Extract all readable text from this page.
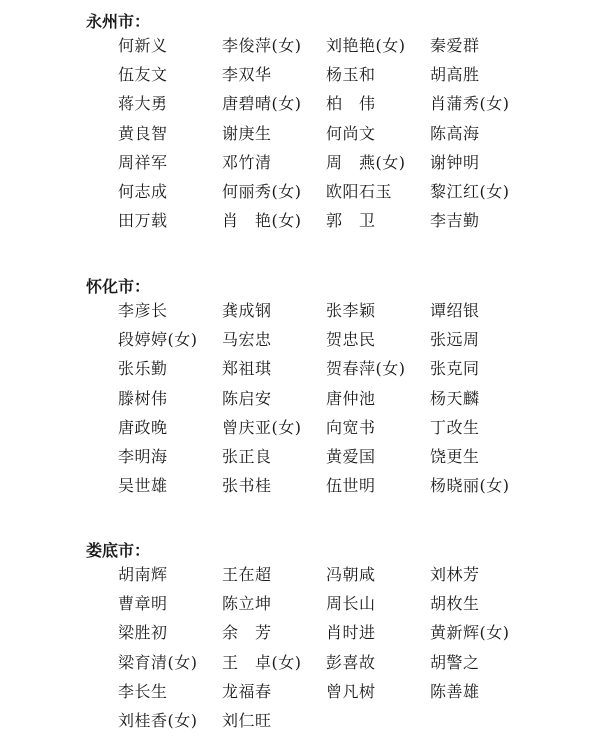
永州市：
何新义	李俊萍(女)	刘艳艳(女)	秦爱群
伍友文	李双华	杨玉和	胡高胜
蒋大勇	唐碧晴(女)	柏　伟	肖蒲秀(女)
黄良智	谢庚生	何尚文	陈高海
周祥军	邓竹清	周　燕(女)	谢钟明
何志成	何丽秀(女)	欧阳石玉	黎江红(女)
田万载	肖　艳(女)	郭　卫	李吉勤
怀化市：
李彦长	龚成钢	张李颖	谭绍银
段婷婷(女)	马宏忠	贺忠民	张远周
张乐勤	郑祖琪	贺春萍(女)	张克同
滕树伟	陈启安	唐仲池	杨天麟
唐政晚	曾庆亚(女)	向宽书	丁改生
李明海	张正良	黄爱国	饶更生
吴世雄	张书桂	伍世明	杨晓丽(女)
娄底市：
胡南辉	王在超	冯朝咸	刘林芳
曹章明	陈立坤	周长山	胡枚生
梁胜初	余　芳	肖时进	黄新辉(女)
梁育清(女)	王　卓(女)	彭喜故	胡警之
李长生	龙福春	曾凡树	陈善雄
刘桂香(女)	刘仁旺
